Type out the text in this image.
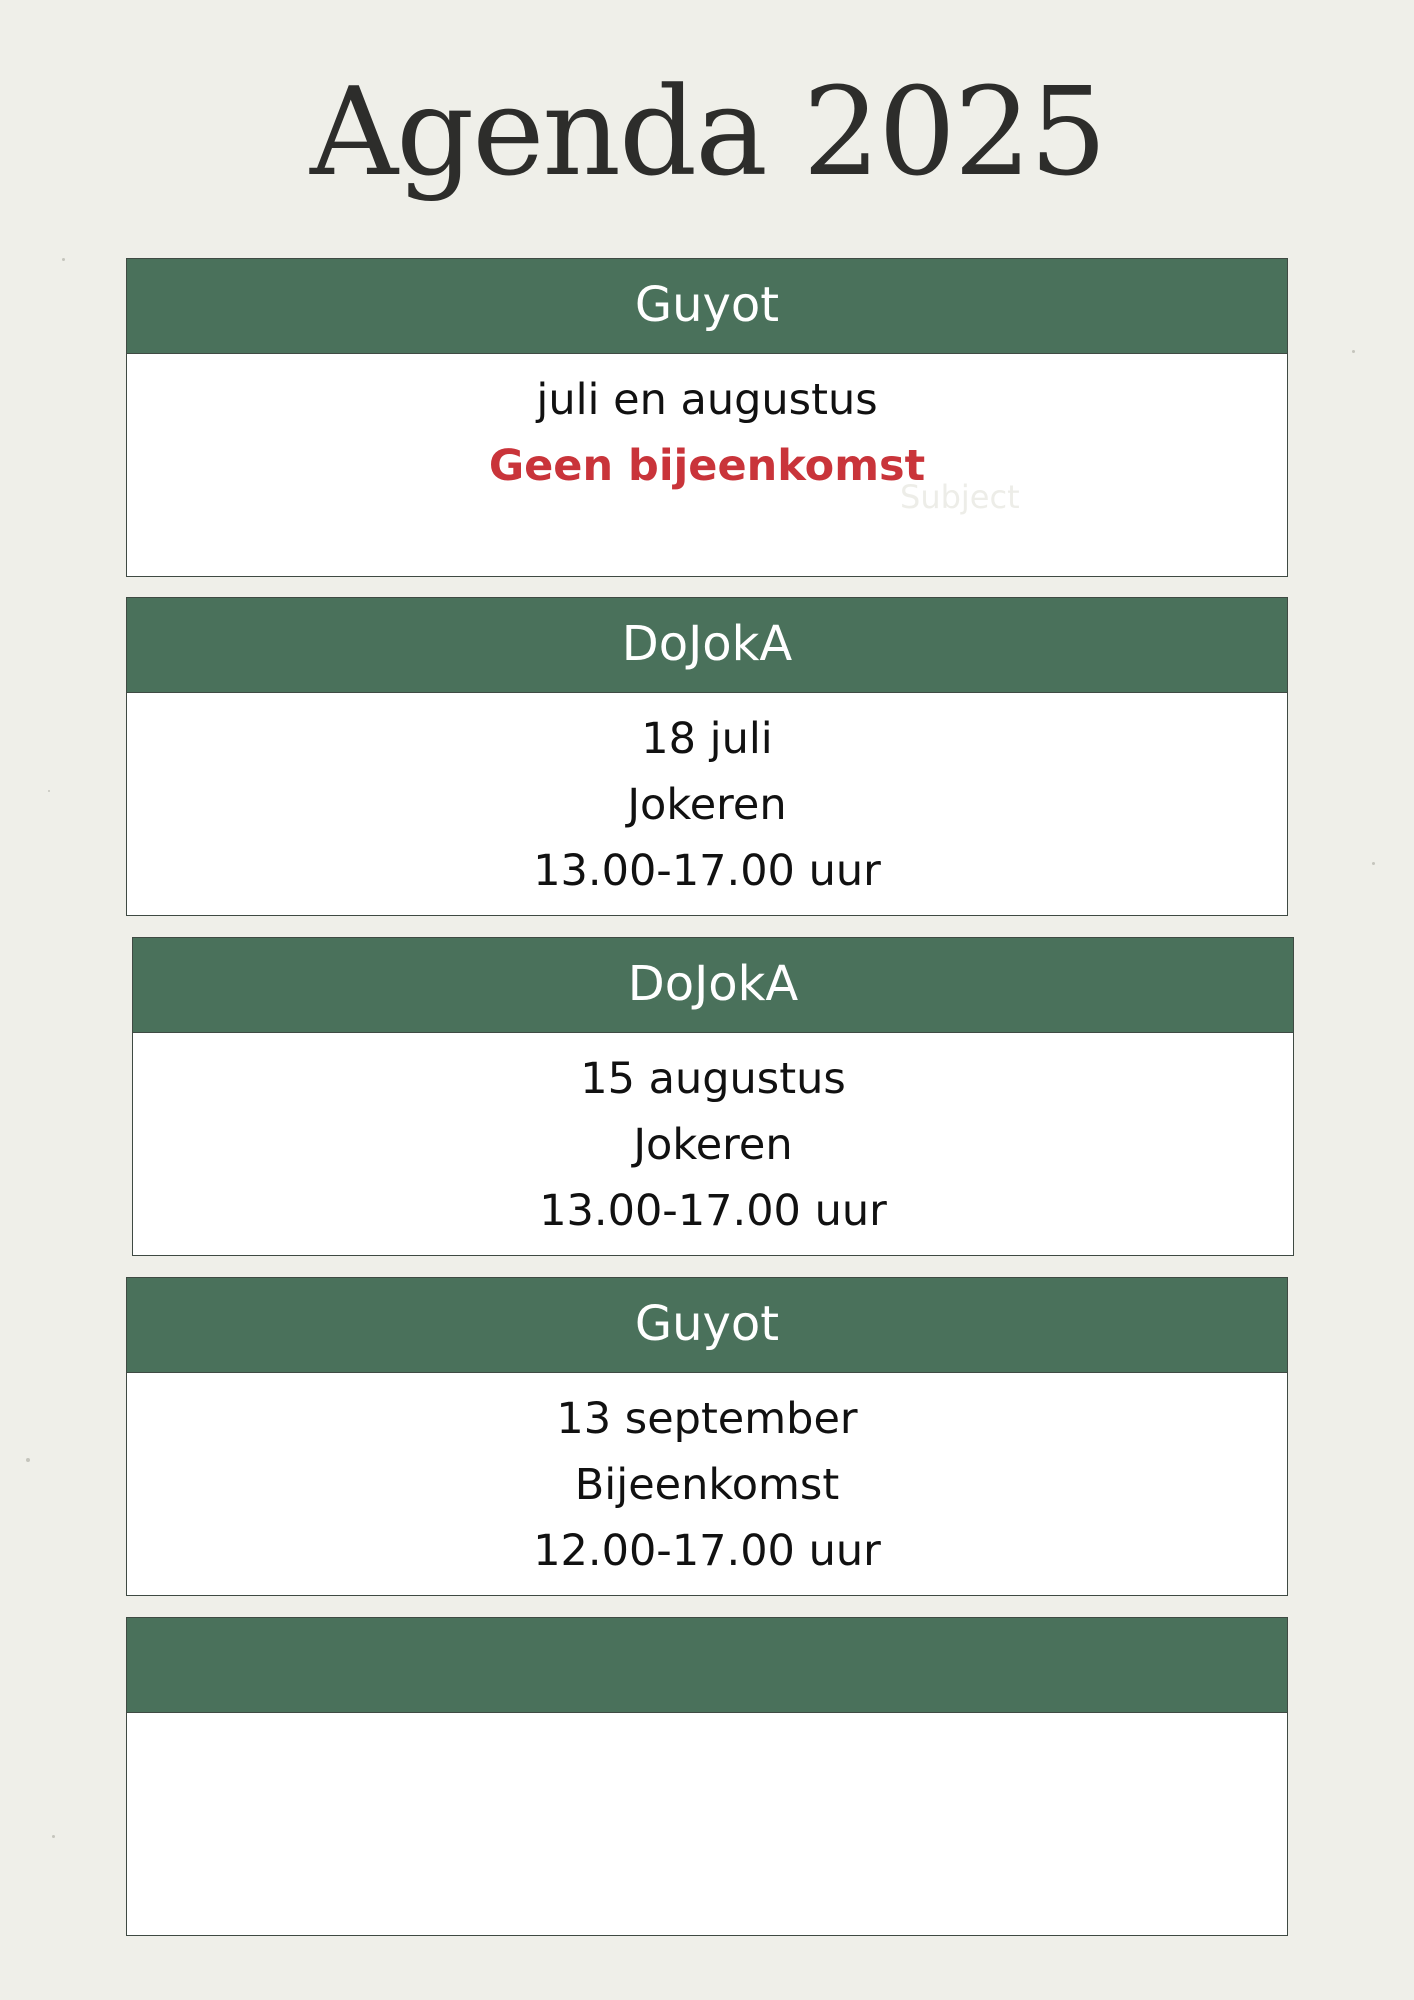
Agenda 2025
Guyot
juli en augustus
Geen bijeenkomst
Subject
DoJokA
18 juli
Jokeren
13.00-17.00 uur
DoJokA
15 augustus
Jokeren
13.00-17.00 uur
Guyot
13 september
Bijeenkomst
12.00-17.00 uur
